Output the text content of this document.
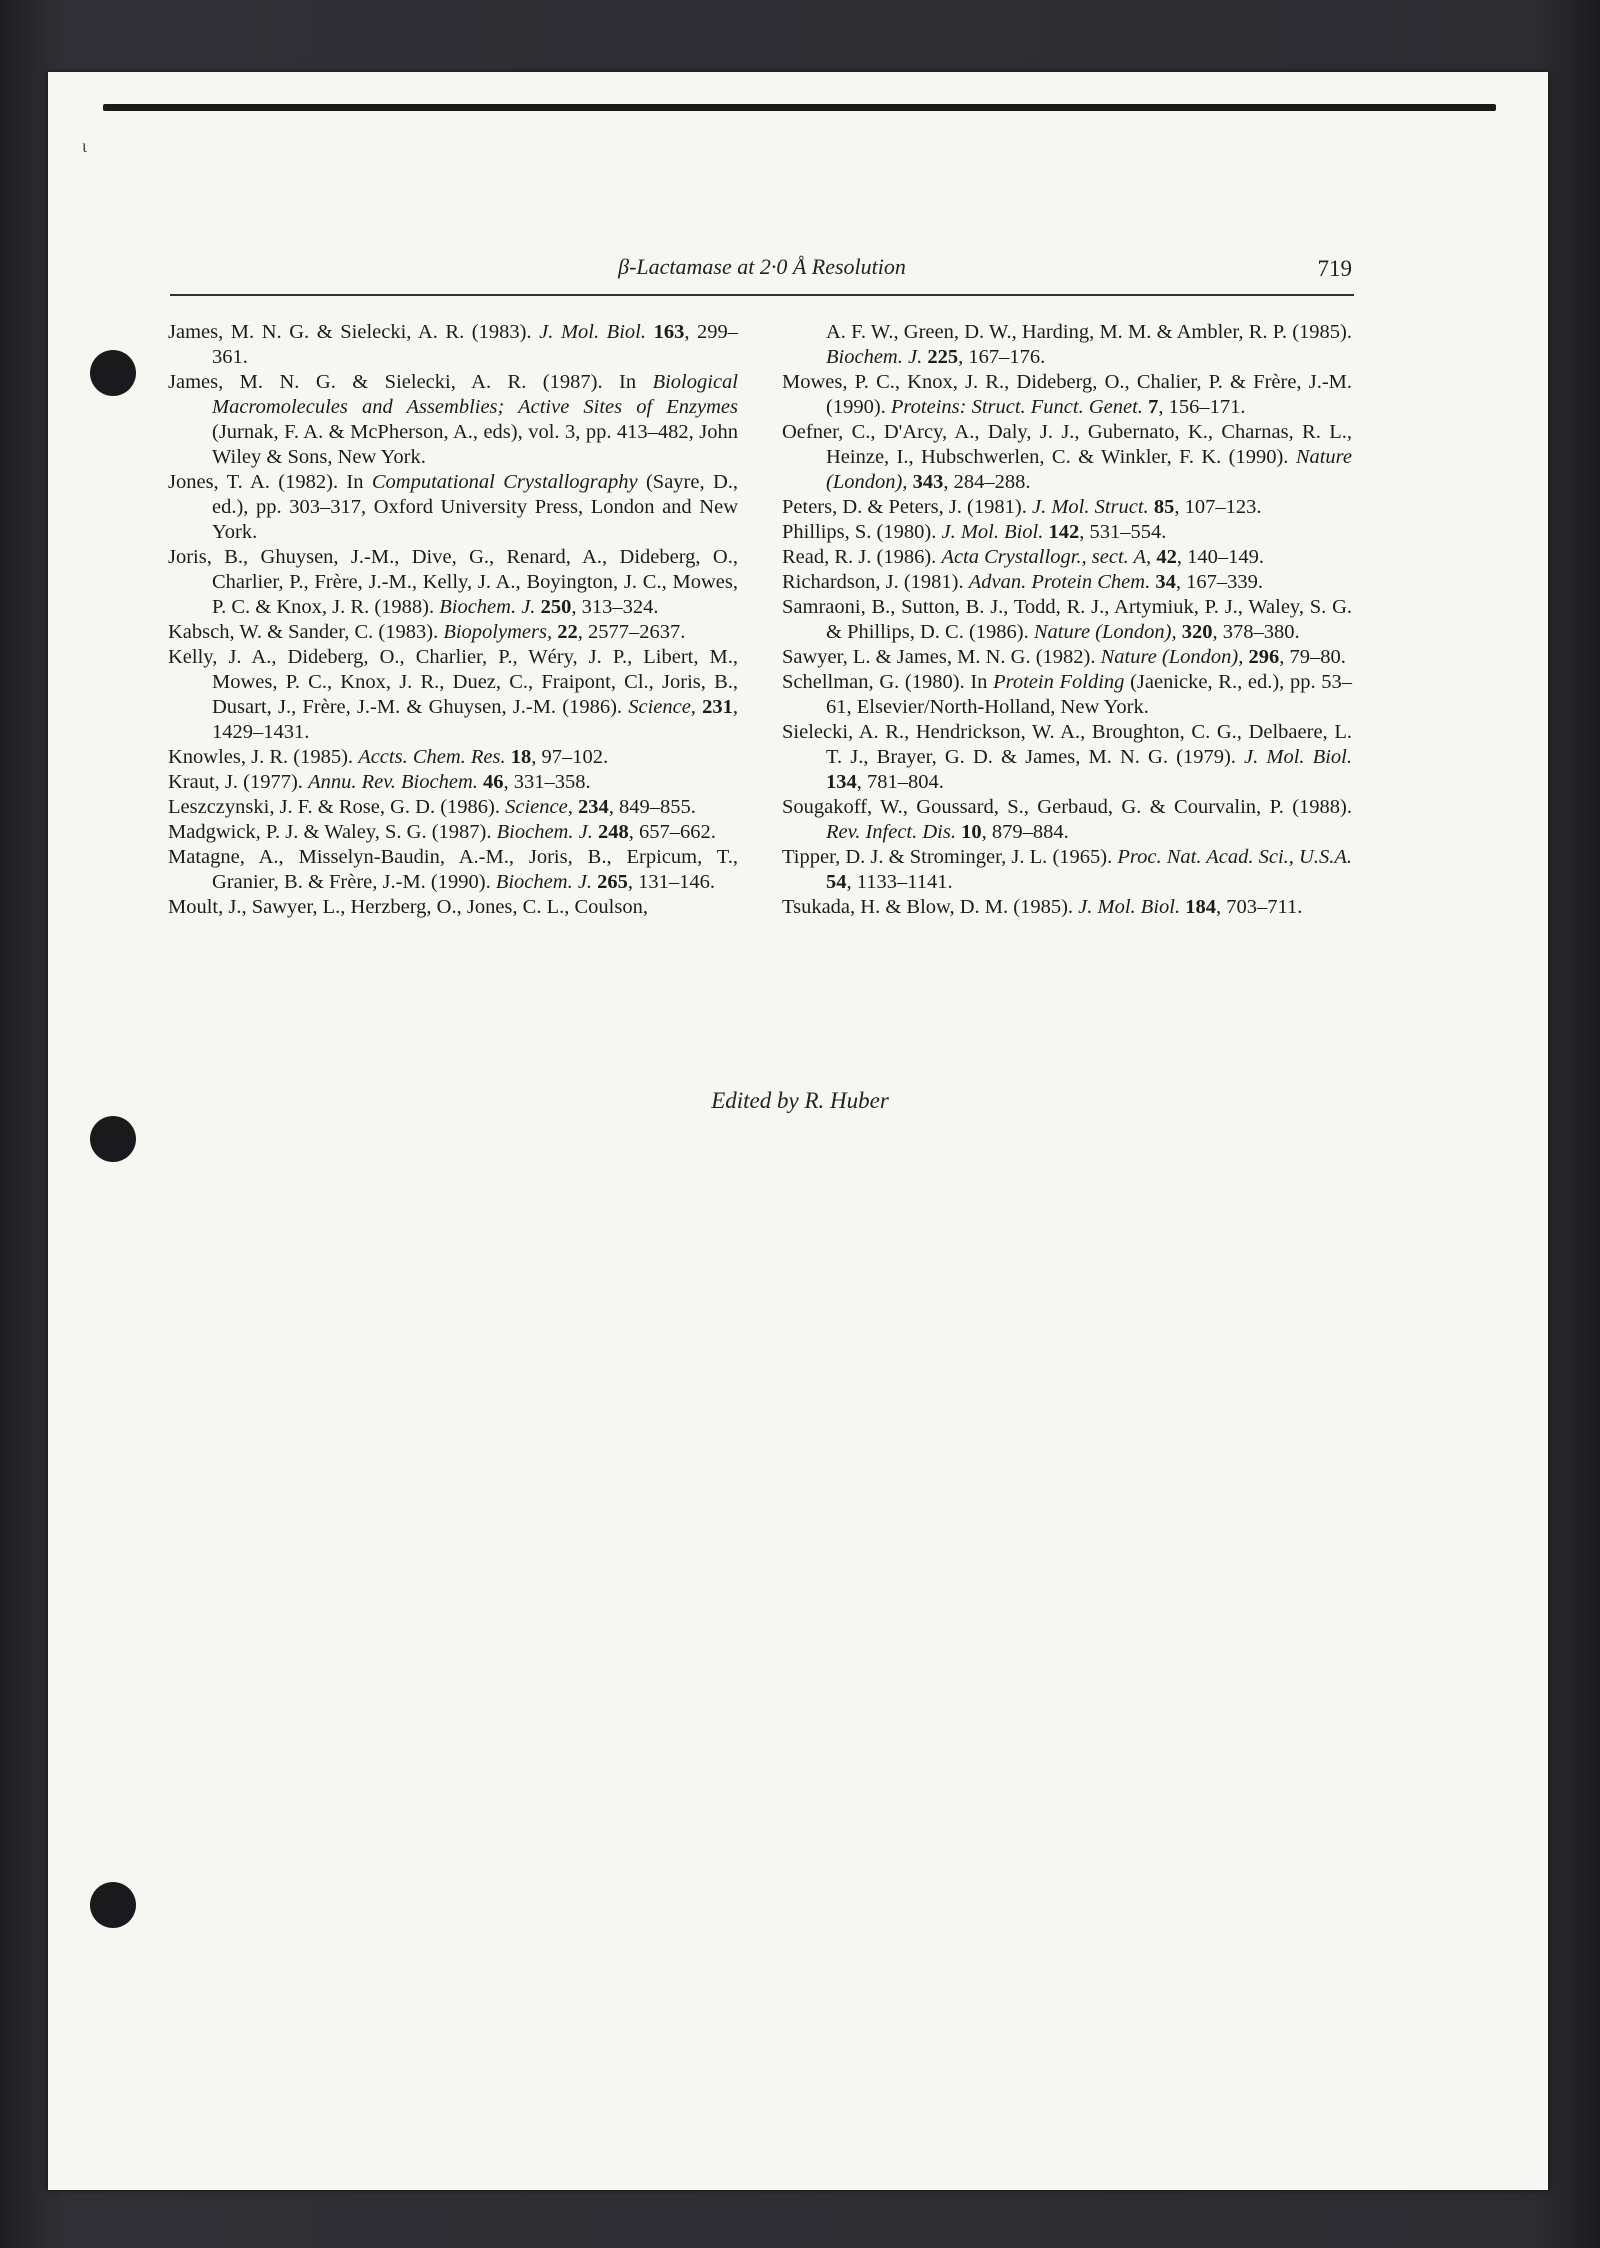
ɩ
β-Lactamase at 2·0 Å Resolution	719

James, M. N. G. & Sielecki, A. R. (1983). J. Mol. Biol. 163, 299–361.

James, M. N. G. & Sielecki, A. R. (1987). In Biological Macromolecules and Assemblies; Active Sites of Enzymes (Jurnak, F. A. & McPherson, A., eds), vol. 3, pp. 413–482, John Wiley & Sons, New York.

Jones, T. A. (1982). In Computational Crystallography (Sayre, D., ed.), pp. 303–317, Oxford University Press, London and New York.

Joris, B., Ghuysen, J.-M., Dive, G., Renard, A., Dideberg, O., Charlier, P., Frère, J.-M., Kelly, J. A., Boyington, J. C., Mowes, P. C. & Knox, J. R. (1988). Biochem. J. 250, 313–324.

Kabsch, W. & Sander, C. (1983). Biopolymers, 22, 2577–2637.

Kelly, J. A., Dideberg, O., Charlier, P., Wéry, J. P., Libert, M., Mowes, P. C., Knox, J. R., Duez, C., Fraipont, Cl., Joris, B., Dusart, J., Frère, J.-M. & Ghuysen, J.-M. (1986). Science, 231, 1429–1431.

Knowles, J. R. (1985). Accts. Chem. Res. 18, 97–102.

Kraut, J. (1977). Annu. Rev. Biochem. 46, 331–358.

Leszczynski, J. F. & Rose, G. D. (1986). Science, 234, 849–855.

Madgwick, P. J. & Waley, S. G. (1987). Biochem. J. 248, 657–662.

Matagne, A., Misselyn-Baudin, A.-M., Joris, B., Erpicum, T., Granier, B. & Frère, J.-M. (1990). Biochem. J. 265, 131–146.

Moult, J., Sawyer, L., Herzberg, O., Jones, C. L., Coulson,

A. F. W., Green, D. W., Harding, M. M. & Ambler, R. P. (1985). Biochem. J. 225, 167–176.

Mowes, P. C., Knox, J. R., Dideberg, O., Chalier, P. & Frère, J.-M. (1990). Proteins: Struct. Funct. Genet. 7, 156–171.

Oefner, C., D'Arcy, A., Daly, J. J., Gubernato, K., Charnas, R. L., Heinze, I., Hubschwerlen, C. & Winkler, F. K. (1990). Nature (London), 343, 284–288.

Peters, D. & Peters, J. (1981). J. Mol. Struct. 85, 107–123.

Phillips, S. (1980). J. Mol. Biol. 142, 531–554.

Read, R. J. (1986). Acta Crystallogr., sect. A, 42, 140–149.

Richardson, J. (1981). Advan. Protein Chem. 34, 167–339.

Samraoni, B., Sutton, B. J., Todd, R. J., Artymiuk, P. J., Waley, S. G. & Phillips, D. C. (1986). Nature (London), 320, 378–380.

Sawyer, L. & James, M. N. G. (1982). Nature (London), 296, 79–80.

Schellman, G. (1980). In Protein Folding (Jaenicke, R., ed.), pp. 53–61, Elsevier/North-Holland, New York.

Sielecki, A. R., Hendrickson, W. A., Broughton, C. G., Delbaere, L. T. J., Brayer, G. D. & James, M. N. G. (1979). J. Mol. Biol. 134, 781–804.

Sougakoff, W., Goussard, S., Gerbaud, G. & Courvalin, P. (1988). Rev. Infect. Dis. 10, 879–884.

Tipper, D. J. & Strominger, J. L. (1965). Proc. Nat. Acad. Sci., U.S.A. 54, 1133–1141.

Tsukada, H. & Blow, D. M. (1985). J. Mol. Biol. 184, 703–711.

Edited by R. Huber
